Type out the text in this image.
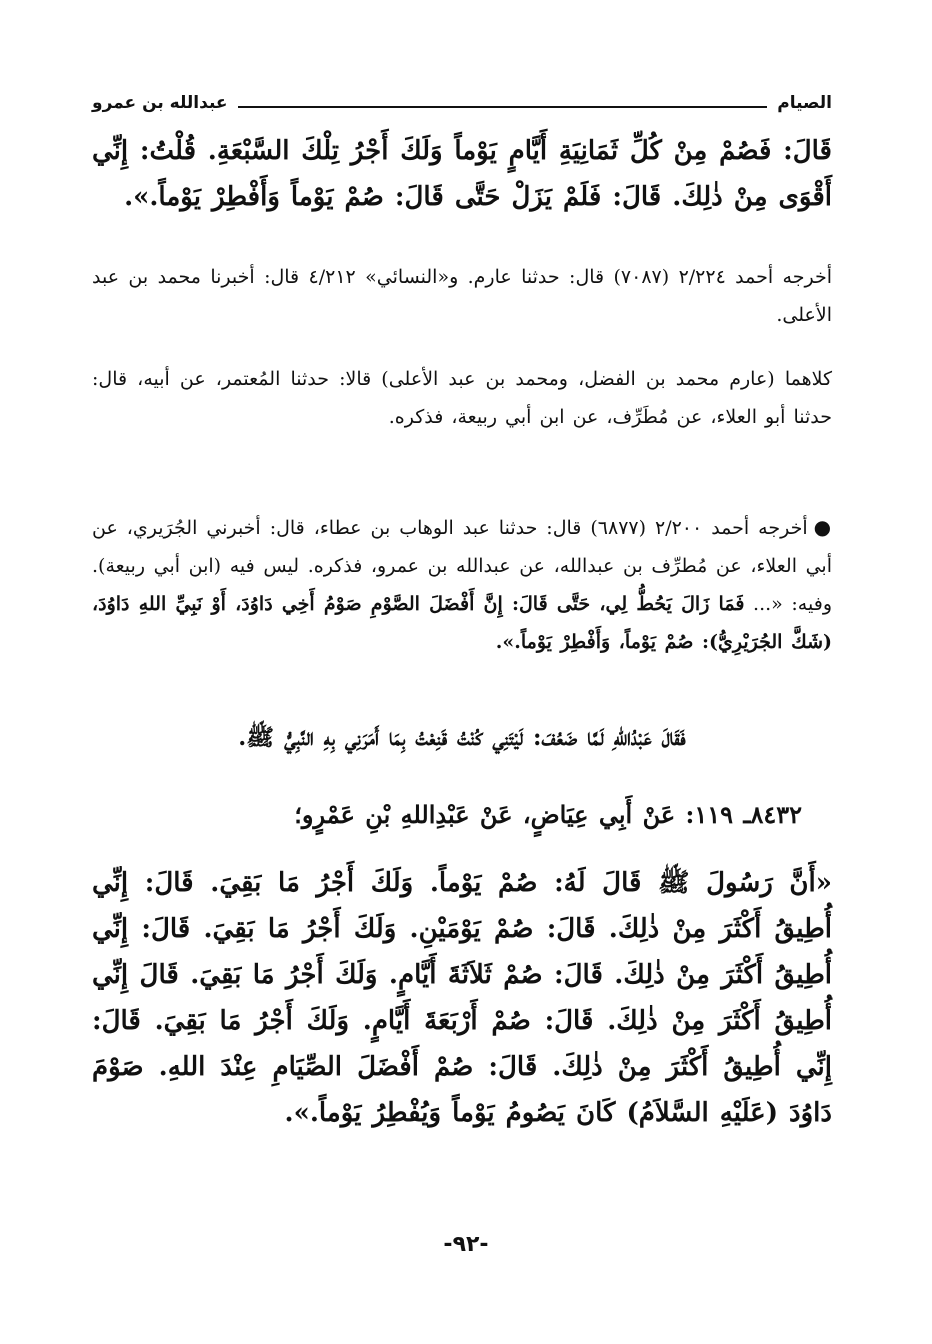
الصيام
عبدالله بن عمرو
قَالَ: فَصُمْ مِنْ كُلِّ ثَمَانِيَةِ أَيَّامٍ يَوْماً وَلَكَ أَجْرُ تِلْكَ السَّبْعَةِ. قُلْتُ: إِنِّي أَقْوَى مِنْ ذٰلِكَ. قَالَ: فَلَمْ يَزَلْ حَتَّى قَالَ: صُمْ يَوْماً وَأَفْطِرْ يَوْماً.».
أخرجه أحمد ٢/٢٢٤ (٧٠٨٧) قال: حدثنا عارم. و«النسائي» ٤/٢١٢ قال: أخبرنا محمد بن عبد الأعلى.
كلاهما (عارم محمد بن الفضل، ومحمد بن عبد الأعلى) قالا: حدثنا المُعتمر، عن أبيه، قال: حدثنا أبو العلاء، عن مُطَرِّف، عن ابن أبي ربيعة، فذكره.
●أخرجه أحمد ٢/٢٠٠ (٦٨٧٧) قال: حدثنا عبد الوهاب بن عطاء، قال: أخبرني الجُرَيري، عن أبي العلاء، عن مُطرِّف بن عبدالله، عن عبدالله بن عمرو، فذكره. ليس فيه (ابن أبي ربيعة). وفيه: «... فَمَا زَالَ يَحُطُّ لِي، حَتَّى قَالَ: إِنَّ أَفْضَلَ الصَّوْمِ صَوْمُ أَخِي دَاوُدَ، أَوْ نَبِيِّ اللهِ دَاوُدَ، (شَكَّ الجُرَيْرِيُّ): صُمْ يَوْماً، وَأَفْطِرْ يَوْماً.».
فَقَالَ عَبْدُاللهِ لَمَّا ضَعُفَ: لَيْتَنِي كُنْتُ قَنِعْتُ بِمَا أَمَرَنِي بِهِ النَّبِيُّ ﷺ.
٨٤٣٢ـ ١١٩: عَنْ أَبِي عِيَاضٍ، عَنْ عَبْدِاللهِ بْنِ عَمْرٍو؛
«أَنَّ رَسُولَ ﷺ قَالَ لَهُ: صُمْ يَوْماً. وَلَكَ أَجْرُ مَا بَقِيَ. قَالَ: إِنِّي أُطِيقُ أَكْثَرَ مِنْ ذٰلِكَ. قَالَ: صُمْ يَوْمَيْنِ. وَلَكَ أَجْرُ مَا بَقِيَ. قَالَ: إِنِّي أُطِيقُ أَكْثَرَ مِنْ ذٰلِكَ. قَالَ: صُمْ ثَلاَثَةَ أَيَّامٍ. وَلَكَ أَجْرُ مَا بَقِيَ. قَالَ إِنِّي أُطِيقُ أَكْثَرَ مِنْ ذٰلِكَ. قَالَ: صُمْ أَرْبَعَةَ أَيَّامٍ. وَلَكَ أَجْرُ مَا بَقِيَ. قَالَ: إِنِّي أُطِيقُ أَكْثَرَ مِنْ ذٰلِكَ. قَالَ: صُمْ أَفْضَلَ الصِّيَامِ عِنْدَ اللهِ. صَوْمَ دَاوُدَ (عَلَيْهِ السَّلاَمُ) كَانَ يَصُومُ يَوْماً وَيُفْطِرُ يَوْماً.».
-٩٢-
